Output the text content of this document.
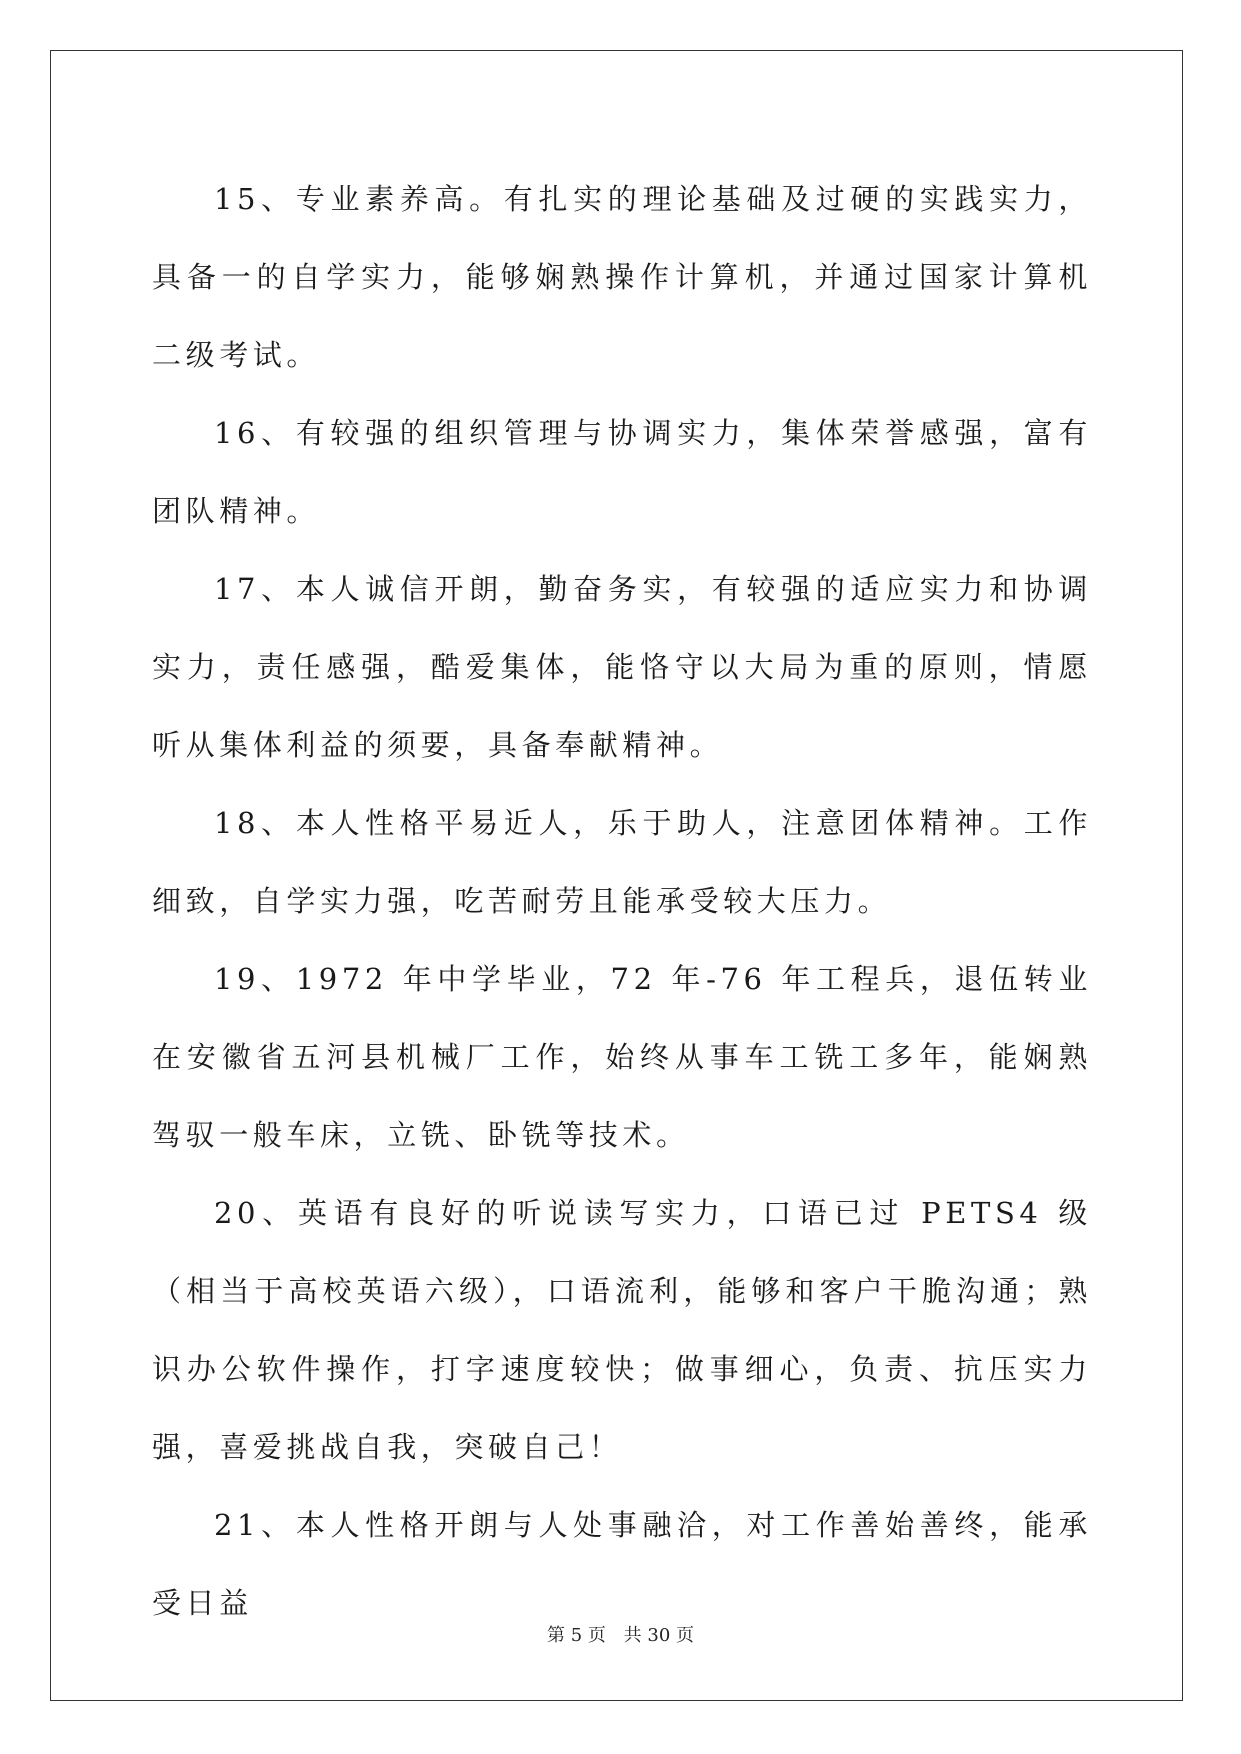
15、专业素养高。有扎实的理论基础及过硬的实践实力，具备一的自学实力，能够娴熟操作计算机，并通过国家计算机二级考试。

16、有较强的组织管理与协调实力，集体荣誉感强，富有团队精神。

17、本人诚信开朗，勤奋务实，有较强的适应实力和协调实力，责任感强，酷爱集体，能恪守以大局为重的原则，情愿听从集体利益的须要，具备奉献精神。

18、本人性格平易近人，乐于助人，注意团体精神。工作细致，自学实力强，吃苦耐劳且能承受较大压力。

19、1972 年中学毕业，72 年-76 年工程兵，退伍转业在安徽省五河县机械厂工作，始终从事车工铣工多年，能娴熟驾驭一般车床，立铣、卧铣等技术。

20、英语有良好的听说读写实力，口语已过 PETS4 级（相当于高校英语六级），口语流利，能够和客户干脆沟通；熟识办公软件操作，打字速度较快；做事细心，负责、抗压实力强，喜爱挑战自我，突破自己！

21、本人性格开朗与人处事融洽，对工作善始善终，能承受日益

第 5 页 共 30 页
